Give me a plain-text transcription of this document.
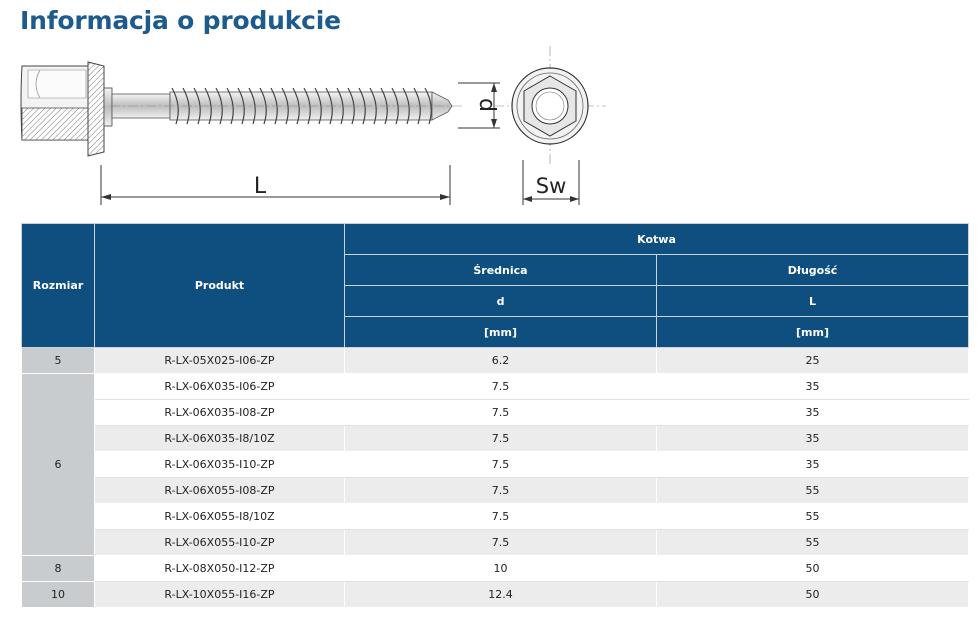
Informacja o produkcie
L
d
Sw
Rozmiar	Produkt	Kotwa	
		Średnica	Długość
		d	L
		[mm]	[mm]
5	R-LX-05X025-I06-ZP	6.2	25
6	R-LX-06X035-I06-ZP	7.5	35
	R-LX-06X035-I08-ZP	7.5	35
	R-LX-06X035-I8/10Z	7.5	35
	R-LX-06X035-I10-ZP	7.5	35
	R-LX-06X055-I08-ZP	7.5	55
	R-LX-06X055-I8/10Z	7.5	55
	R-LX-06X055-I10-ZP	7.5	55
8	R-LX-08X050-I12-ZP	10	50
10	R-LX-10X055-I16-ZP	12.4	50
